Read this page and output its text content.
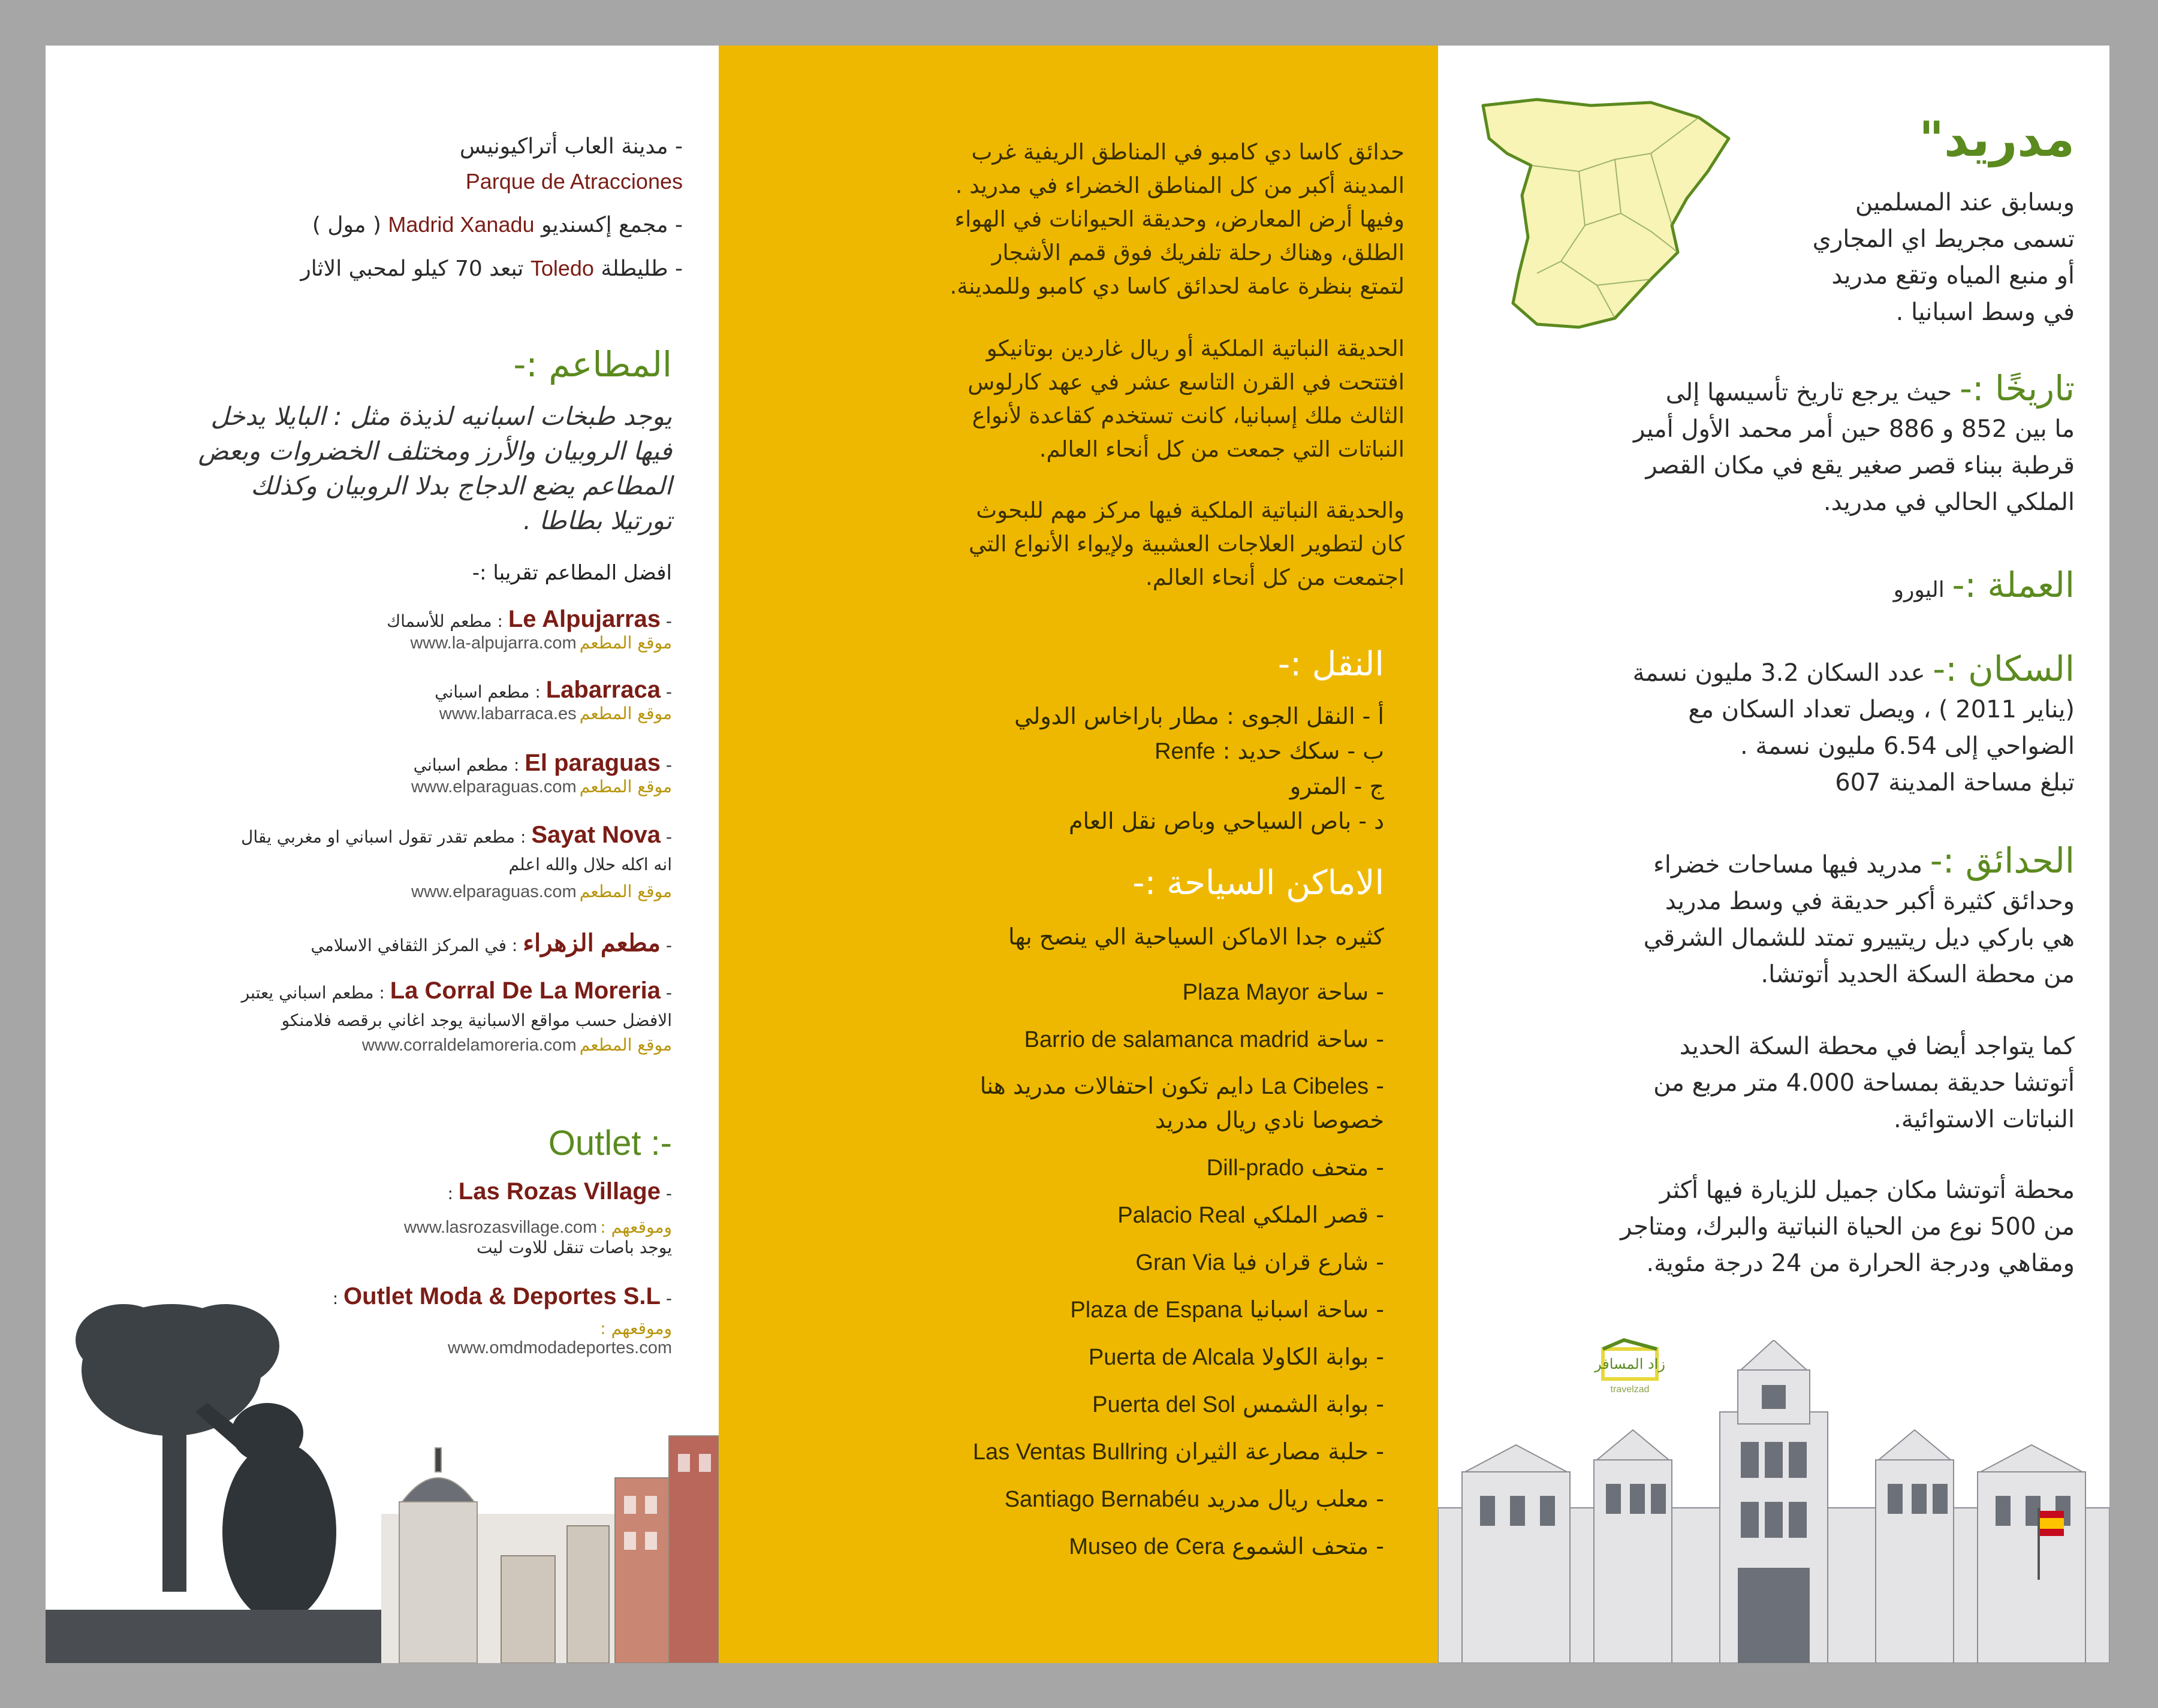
- مدينة العاب أتراكيونيس
Parque de Atracciones
- مجمع إكسنديو Madrid Xanadu ( مول )
- طليطلة Toledo تبعد 70 كيلو لمحبي الاثار
المطاعم :-
يوجد طبخات اسبانيه لذيذة مثل : البايلا يدخل
فيها الروبيان والأرز ومختلف الخضروات وبعض
المطاعم يضع الدجاج بدلا الروبيان وكذلك
تورتيلا بطاطا .
افضل المطاعم تقريبا :-
- Le Alpujarras : مطعم للأسماك
موقع المطعم www.la-alpujarra.com
- Labarraca : مطعم اسباني
موقع المطعم www.labarraca.es
- El paraguas : مطعم اسباني
موقع المطعم www.elparaguas.com
- Sayat Nova : مطعم تقدر تقول اسباني او مغربي يقال
انه اكله حلال والله اعلم
موقع المطعم www.elparaguas.com
- مطعم الزهراء : في المركز الثقافي الاسلامي
- La Corral De La Moreria : مطعم اسباني يعتبر
الافضل حسب مواقع الاسبانية يوجد اغاني برقصه فلامنكو
موقع المطعم www.corraldelamoreria.com
Outlet :-
- Las Rozas Village :
وموقعهم : www.lasrozasvillage.com
يوجد باصات تنقل للاوت ليت
- Outlet Moda & Deportes S.L :
وموقعهم :
www.omdmodadeportes.com
حدائق كاسا دي كامبو في المناطق الريفية غرب
المدينة أكبر من كل المناطق الخضراء في مدريد .
وفيها أرض المعارض، وحديقة الحيوانات في الهواء
الطلق، وهناك رحلة تلفريك فوق قمم الأشجار
لتمتع بنظرة عامة لحدائق كاسا دي كامبو وللمدينة.
الحديقة النباتية الملكية أو ريال غاردين بوتانيكو
افتتحت في القرن التاسع عشر في عهد كارلوس
الثالث ملك إسبانيا، كانت تستخدم كقاعدة لأنواع
النباتات التي جمعت من كل أنحاء العالم.
والحديقة النباتية الملكية فيها مركز مهم للبحوث
كان لتطوير العلاجات العشبية ولإيواء الأنواع التي
اجتمعت من كل أنحاء العالم.
النقل :-
أ - النقل الجوى : مطار باراخاس الدولي
ب - سكك حديد : Renfe
ج - المترو
د - باص السياحي وباص نقل العام
الاماكن السياحة :-
كثيره جدا الاماكن السياحية الي ينصح بها
- ساحة Plaza Mayor
- ساحة Barrio de salamanca madrid
- La Cibeles دايم تكون احتفالات مدريد هنا
خصوصا نادي ريال مدريد
- متحف Dill-prado
- قصر الملكي Palacio Real
- شارع قران فيا Gran Via
- ساحة اسبانيا Plaza de Espana
- بوابة الكاولا Puerta de Alcala
- بوابة الشمس Puerta del Sol
- حلبة مصارعة الثيران Las Ventas Bullring
- معلب ريال مدريد Santiago Bernabéu
- متحف الشموع Museo de Cera
مدريد"
وبسابق عند المسلمين
تسمى مجريط اي المجاري
أو منبع المياه وتقع مدريد
في وسط اسبانيا .
تاريخًا :- حيث يرجع تاريخ تأسيسها إلى
ما بين 852 و 886 حين أمر محمد الأول أمير
قرطبة ببناء قصر صغير يقع في مكان القصر
الملكي الحالي في مدريد.
العملة :- اليورو
السكان :- عدد السكان 3.2 مليون نسمة
(يناير 2011 ) ، ويصل تعداد السكان مع
الضواحي إلى 6.54 مليون نسمة .
تبلغ مساحة المدينة 607
الحدائق :- مدريد فيها مساحات خضراء
وحدائق كثيرة أكبر حديقة في وسط مدريد
هي باركي ديل ريتييرو تمتد للشمال الشرقي
من محطة السكة الحديد أتوتشا.
كما يتواجد أيضا في محطة السكة الحديد
أتوتشا حديقة بمساحة 4.000 متر مربع من
النباتات الاستوائية.
محطة أتوتشا مكان جميل للزيارة فيها أكثر
من 500 نوع من الحياة النباتية والبرك، ومتاجر
ومقاهي ودرجة الحرارة من 24 درجة مئوية.
زاد المسافر
travelzad
